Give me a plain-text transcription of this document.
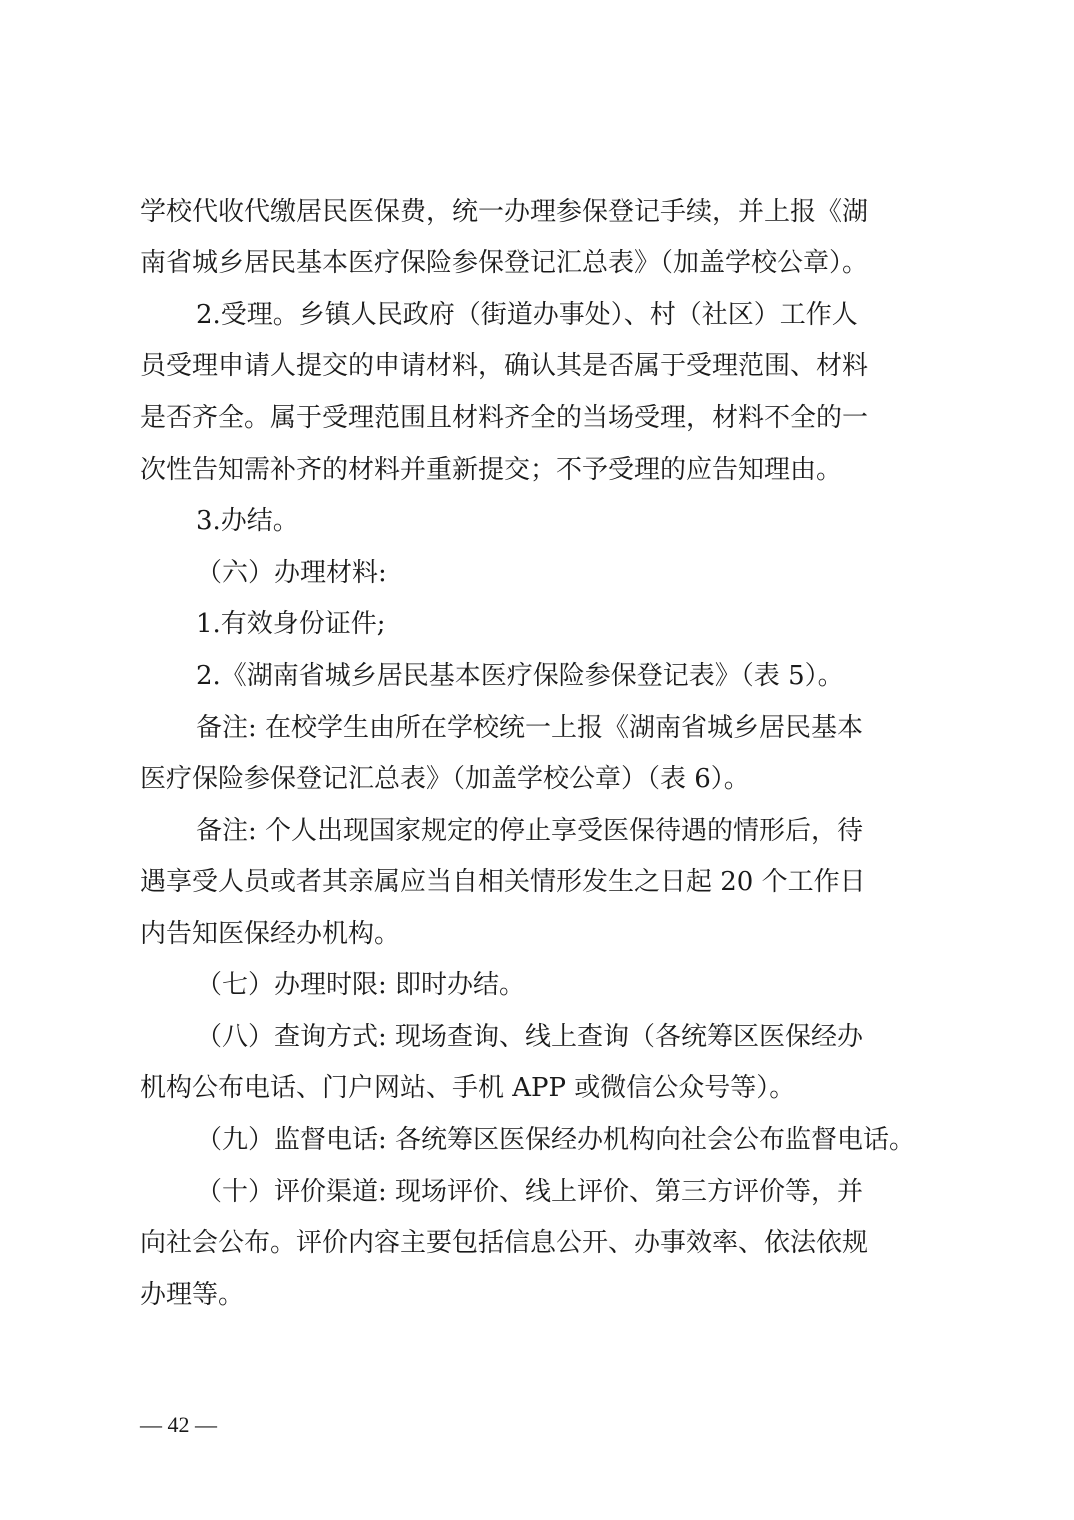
学校代收代缴居民医保费，统一办理参保登记手续，并上报《湖
南省城乡居民基本医疗保险参保登记汇总表》（加盖学校公章）。
2.受理。乡镇人民政府（街道办事处）、村（社区）工作人
员受理申请人提交的申请材料，确认其是否属于受理范围、材料
是否齐全。属于受理范围且材料齐全的当场受理，材料不全的一
次性告知需补齐的材料并重新提交；不予受理的应告知理由。
3.办结。
（六）办理材料:
1.有效身份证件;
2.《湖南省城乡居民基本医疗保险参保登记表》（表 5）。
备注: 在校学生由所在学校统一上报《湖南省城乡居民基本
医疗保险参保登记汇总表》（加盖学校公章）（表 6）。
备注: 个人出现国家规定的停止享受医保待遇的情形后，待
遇享受人员或者其亲属应当自相关情形发生之日起 20 个工作日
内告知医保经办机构。
（七）办理时限: 即时办结。
（八）查询方式: 现场查询、线上查询（各统筹区医保经办
机构公布电话、门户网站、手机 APP 或微信公众号等）。
（九）监督电话: 各统筹区医保经办机构向社会公布监督电话。
（十）评价渠道: 现场评价、线上评价、第三方评价等，并
向社会公布。评价内容主要包括信息公开、办事效率、依法依规
办理等。
— 42 —
